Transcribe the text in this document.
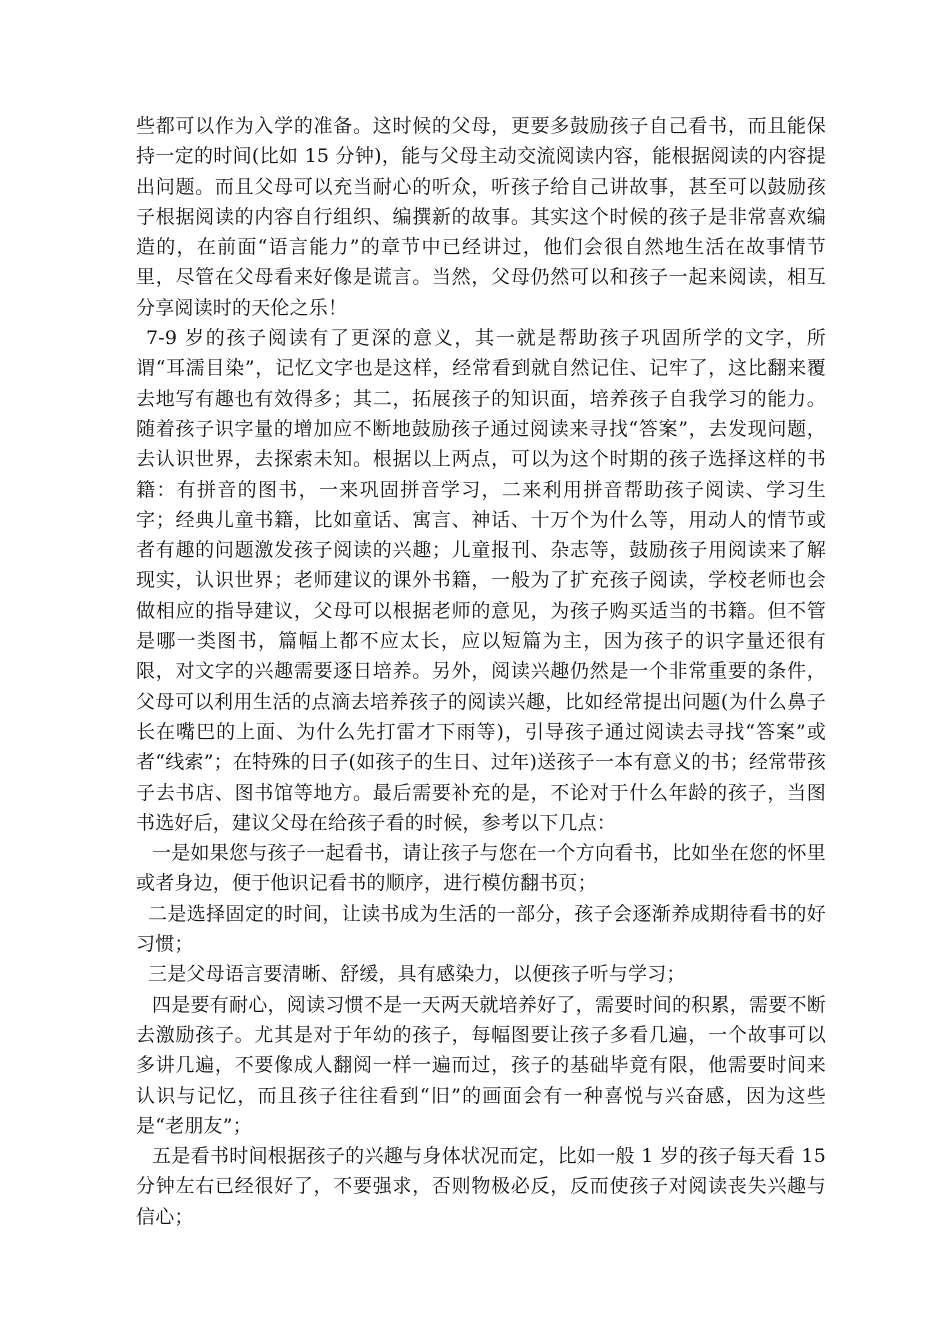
些都可以作为入学的准备。这时候的父母，更要多鼓励孩子自己看书，而且能保持一定的时间(比如 15 分钟)，能与父母主动交流阅读内容，能根据阅读的内容提出问题。而且父母可以充当耐心的听众，听孩子给自己讲故事，甚至可以鼓励孩子根据阅读的内容自行组织、编撰新的故事。其实这个时候的孩子是非常喜欢编造的，在前面“语言能力”的章节中已经讲过，他们会很自然地生活在故事情节里，尽管在父母看来好像是谎言。当然，父母仍然可以和孩子一起来阅读，相互分享阅读时的天伦之乐！

7-9 岁的孩子阅读有了更深的意义，其一就是帮助孩子巩固所学的文字，所谓“耳濡目染”，记忆文字也是这样，经常看到就自然记住、记牢了，这比翻来覆去地写有趣也有效得多；其二，拓展孩子的知识面，培养孩子自我学习的能力。随着孩子识字量的增加应不断地鼓励孩子通过阅读来寻找“答案”，去发现问题，去认识世界，去探索未知。根据以上两点，可以为这个时期的孩子选择这样的书籍：有拼音的图书，一来巩固拼音学习，二来利用拼音帮助孩子阅读、学习生字；经典儿童书籍，比如童话、寓言、神话、十万个为什么等，用动人的情节或者有趣的问题激发孩子阅读的兴趣；儿童报刊、杂志等，鼓励孩子用阅读来了解现实，认识世界；老师建议的课外书籍，一般为了扩充孩子阅读，学校老师也会做相应的指导建议，父母可以根据老师的意见，为孩子购买适当的书籍。但不管是哪一类图书，篇幅上都不应太长，应以短篇为主，因为孩子的识字量还很有限，对文字的兴趣需要逐日培养。另外，阅读兴趣仍然是一个非常重要的条件，父母可以利用生活的点滴去培养孩子的阅读兴趣，比如经常提出问题(为什么鼻子长在嘴巴的上面、为什么先打雷才下雨等)，引导孩子通过阅读去寻找“答案”或者“线索”；在特殊的日子(如孩子的生日、过年)送孩子一本有意义的书；经常带孩子去书店、图书馆等地方。最后需要补充的是，不论对于什么年龄的孩子，当图书选好后，建议父母在给孩子看的时候，参考以下几点：

一是如果您与孩子一起看书，请让孩子与您在一个方向看书，比如坐在您的怀里或者身边，便于他识记看书的顺序，进行模仿翻书页；

二是选择固定的时间，让读书成为生活的一部分，孩子会逐渐养成期待看书的好习惯；

三是父母语言要清晰、舒缓，具有感染力，以便孩子听与学习；

四是要有耐心，阅读习惯不是一天两天就培养好了，需要时间的积累，需要不断去激励孩子。尤其是对于年幼的孩子，每幅图要让孩子多看几遍，一个故事可以多讲几遍，不要像成人翻阅一样一遍而过，孩子的基础毕竟有限，他需要时间来认识与记忆，而且孩子往往看到“旧”的画面会有一种喜悦与兴奋感，因为这些是“老朋友”；

五是看书时间根据孩子的兴趣与身体状况而定，比如一般 1 岁的孩子每天看 15 分钟左右已经很好了，不要强求，否则物极必反，反而使孩子对阅读丧失兴趣与信心；
